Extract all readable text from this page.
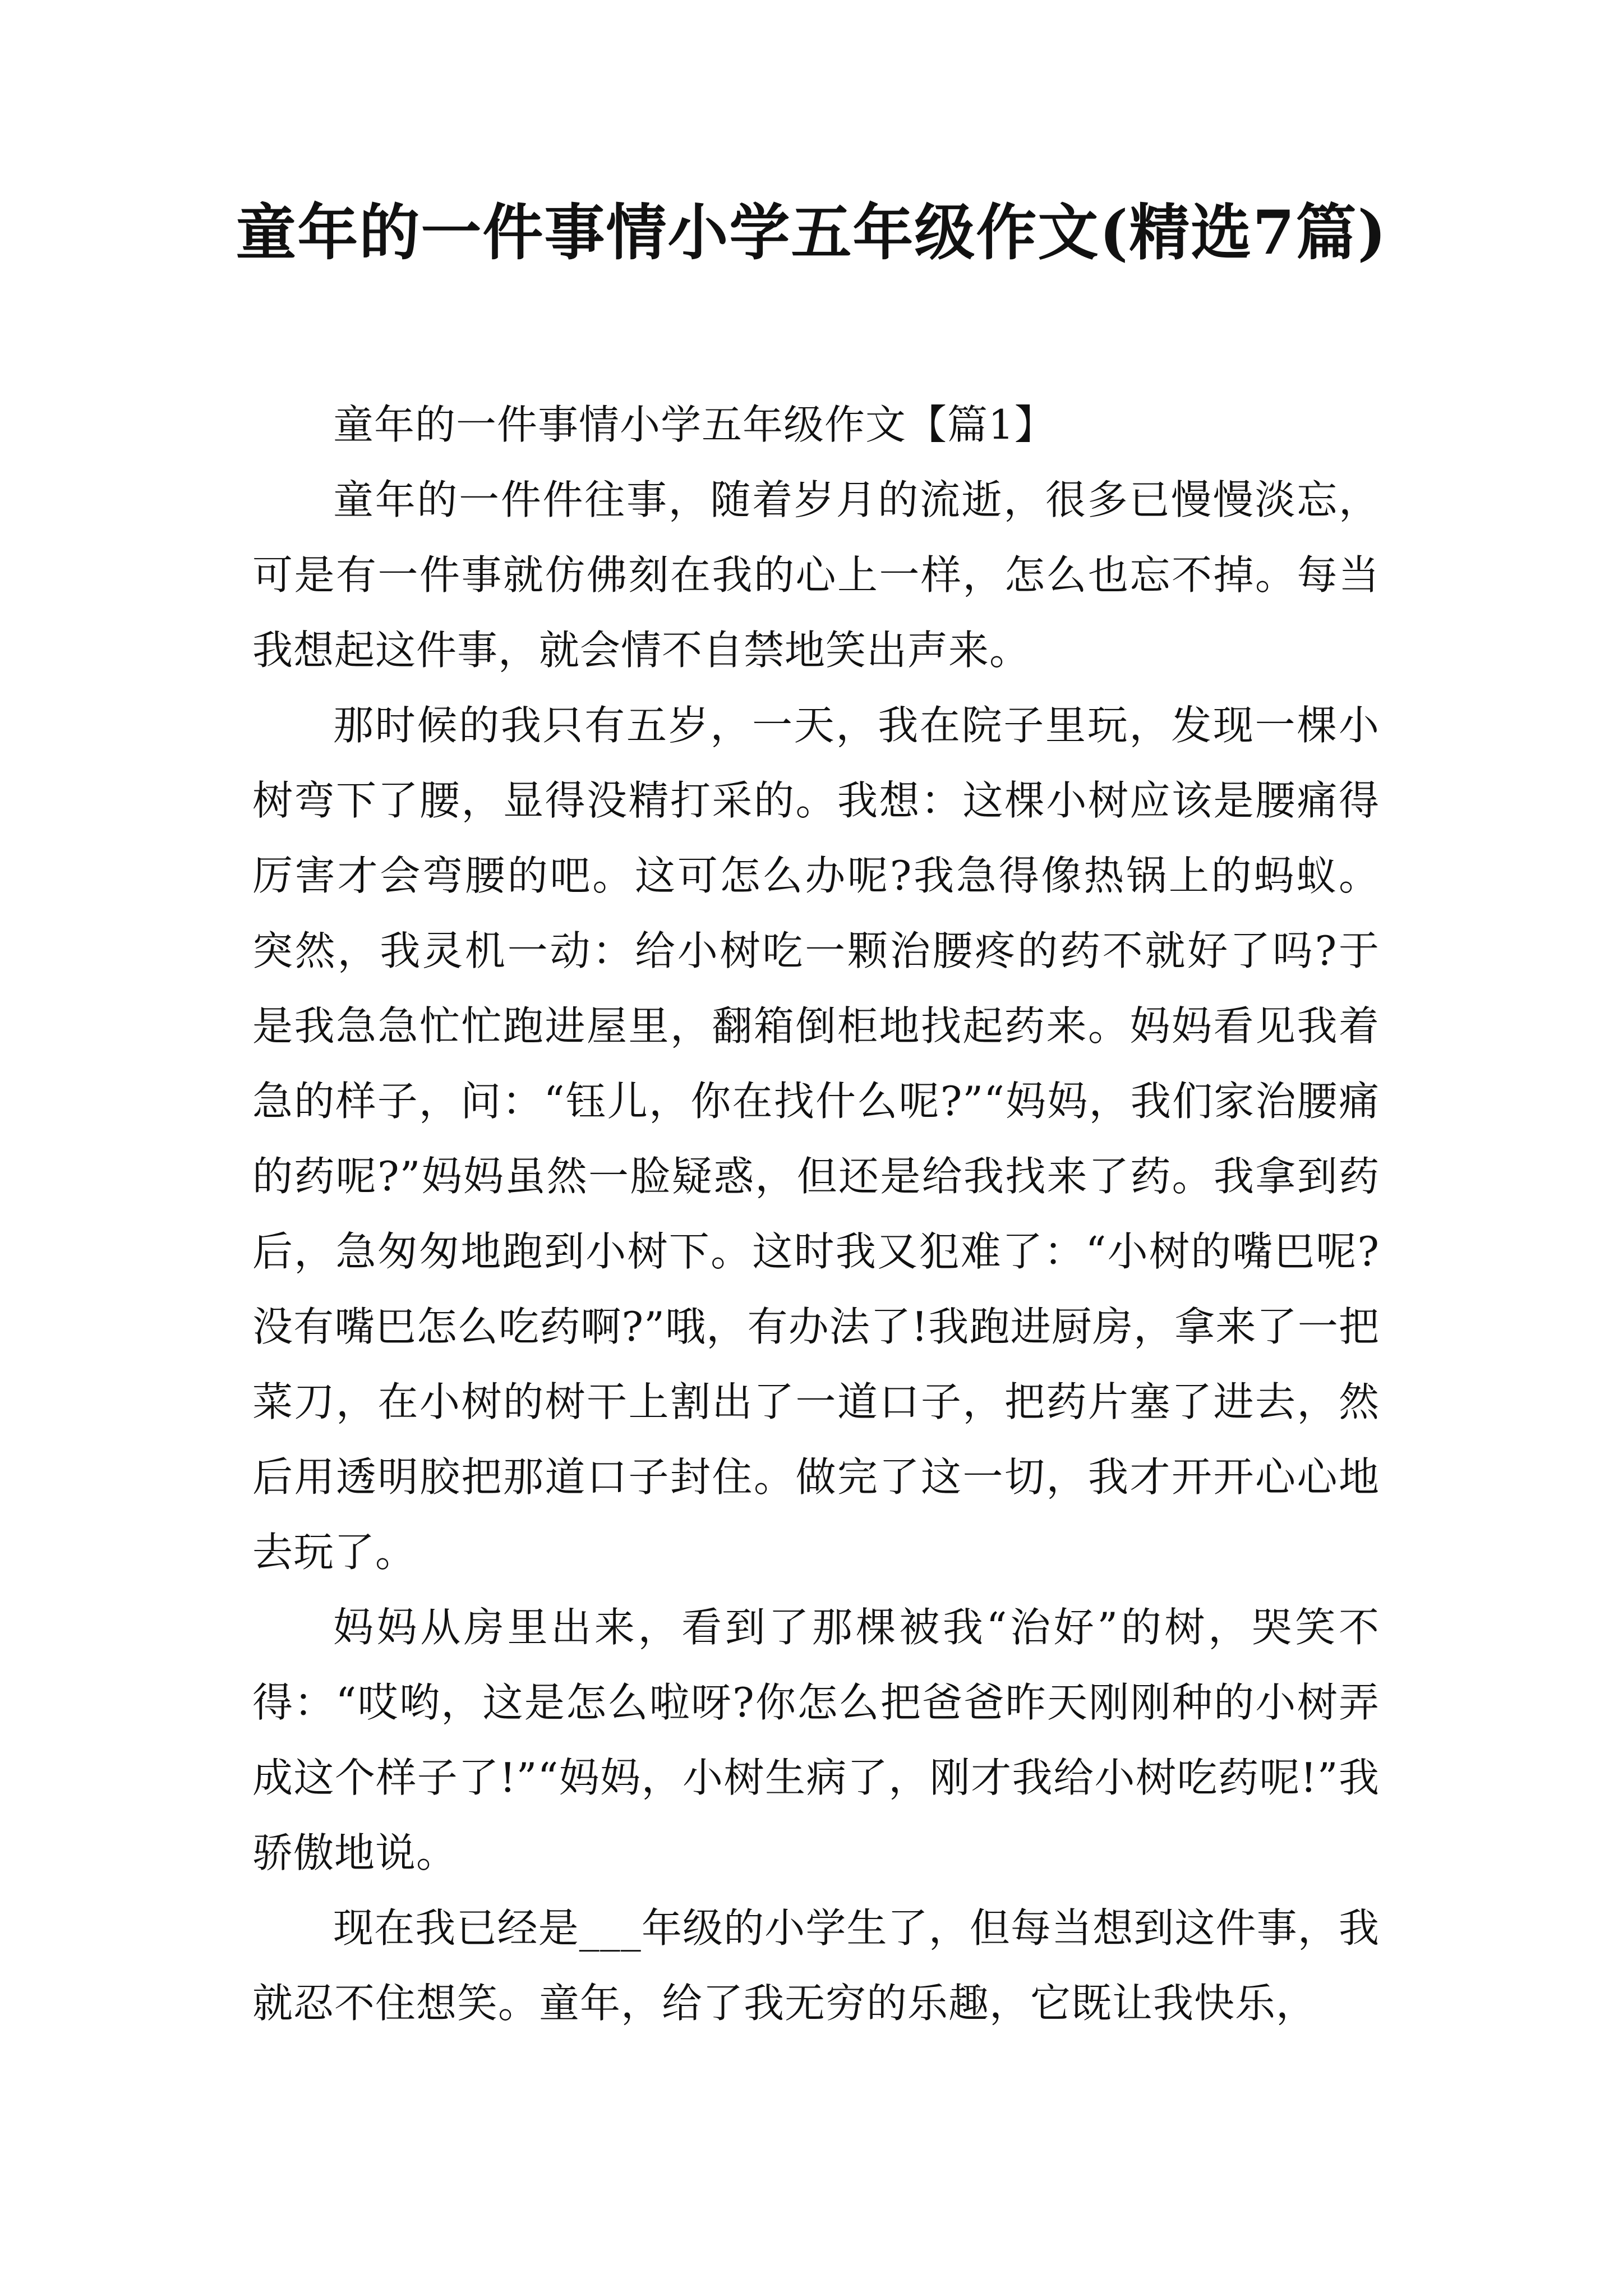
童年的一件事情小学五年级作文(精选7篇)

童年的一件事情小学五年级作文【篇1】

童年的一件件往事，随着岁月的流逝，很多已慢慢淡忘，可是有一件事就仿佛刻在我的心上一样，怎么也忘不掉。每当我想起这件事，就会情不自禁地笑出声来。

那时候的我只有五岁，一天，我在院子里玩，发现一棵小树弯下了腰，显得没精打采的。我想：这棵小树应该是腰痛得厉害才会弯腰的吧。这可怎么办呢?我急得像热锅上的蚂蚁。突然，我灵机一动：给小树吃一颗治腰疼的药不就好了吗?于是我急急忙忙跑进屋里，翻箱倒柜地找起药来。妈妈看见我着急的样子，问：“钰儿，你在找什么呢?”“妈妈，我们家治腰痛的药呢?”妈妈虽然一脸疑惑，但还是给我找来了药。我拿到药后，急匆匆地跑到小树下。这时我又犯难了：“小树的嘴巴呢?没有嘴巴怎么吃药啊?”哦，有办法了!我跑进厨房，拿来了一把菜刀，在小树的树干上割出了一道口子，把药片塞了进去，然后用透明胶把那道口子封住。做完了这一切，我才开开心心地去玩了。

妈妈从房里出来，看到了那棵被我“治好”的树，哭笑不得：“哎哟，这是怎么啦呀?你怎么把爸爸昨天刚刚种的小树弄成这个样子了!”“妈妈，小树生病了，刚才我给小树吃药呢!”我骄傲地说。

现在我已经是___年级的小学生了，但每当想到这件事，我就忍不住想笑。童年，给了我无穷的乐趣，它既让我快乐，
